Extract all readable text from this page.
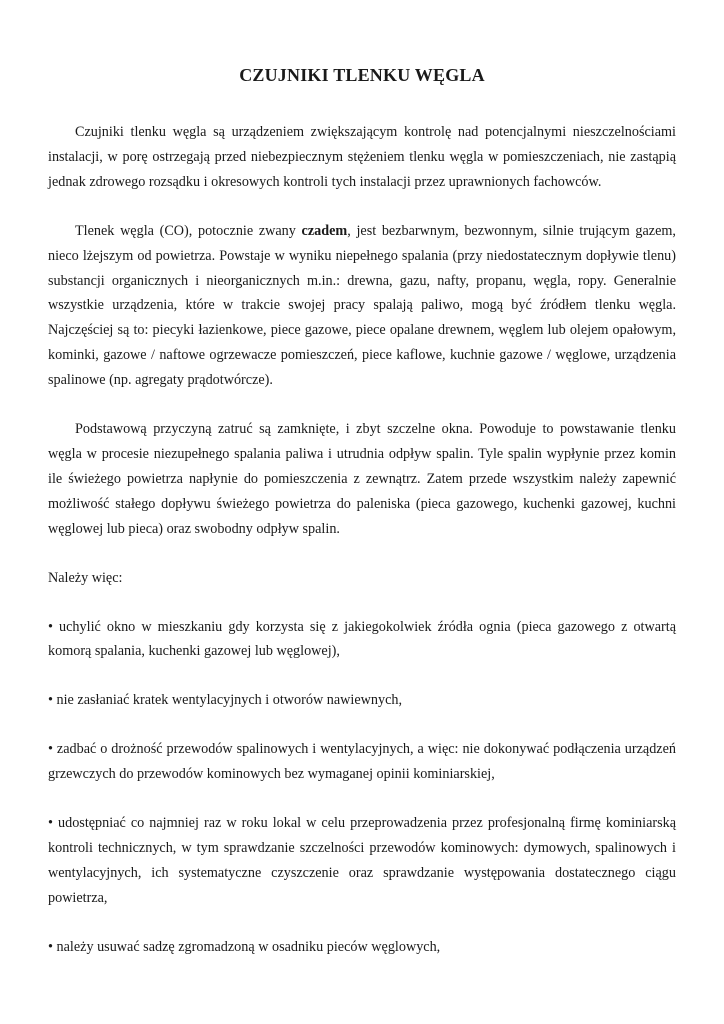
CZUJNIKI TLENKU WĘGLA

Czujniki tlenku węgla są urządzeniem zwiększającym kontrolę nad potencjalnymi nieszczelnościami instalacji, w porę ostrzegają przed niebezpiecznym stężeniem tlenku węgla w pomieszczeniach, nie zastąpią jednak zdrowego rozsądku i okresowych kontroli tych instalacji przez uprawnionych fachowców.

Tlenek węgla (CO), potocznie zwany czadem, jest bezbarwnym, bezwonnym, silnie trującym gazem, nieco lżejszym od powietrza. Powstaje w wyniku niepełnego spalania (przy niedostatecznym dopływie tlenu) substancji organicznych i nieorganicznych m.in.: drewna, gazu, nafty, propanu, węgla, ropy. Generalnie wszystkie urządzenia, które w trakcie swojej pracy spalają paliwo, mogą być źródłem tlenku węgla. Najczęściej są to: piecyki łazienkowe, piece gazowe, piece opalane drewnem, węglem lub olejem opałowym, kominki, gazowe / naftowe ogrzewacze pomieszczeń, piece kaflowe, kuchnie gazowe / węglowe, urządzenia spalinowe (np. agregaty prądotwórcze).

Podstawową przyczyną zatruć są zamknięte, i zbyt szczelne okna. Powoduje to powstawanie tlenku węgla w procesie niezupełnego spalania paliwa i utrudnia odpływ spalin. Tyle spalin wypłynie przez komin ile świeżego powietrza napłynie do pomieszczenia z zewnątrz. Zatem przede wszystkim należy zapewnić możliwość stałego dopływu świeżego powietrza do paleniska (pieca gazowego, kuchenki gazowej, kuchni węglowej lub pieca) oraz swobodny odpływ spalin.

Należy więc:

• uchylić okno w mieszkaniu gdy korzysta się z jakiegokolwiek źródła ognia (pieca gazowego z otwartą komorą spalania, kuchenki gazowej lub węglowej),

• nie zasłaniać kratek wentylacyjnych i otworów nawiewnych,

• zadbać o drożność przewodów spalinowych i wentylacyjnych, a więc: nie dokonywać podłączenia urządzeń grzewczych do przewodów kominowych bez wymaganej opinii kominiarskiej,

• udostępniać co najmniej raz w roku lokal w celu przeprowadzenia przez profesjonalną firmę kominiarską kontroli technicznych, w tym sprawdzanie szczelności przewodów kominowych: dymowych, spalinowych i wentylacyjnych, ich systematyczne czyszczenie oraz sprawdzanie występowania dostatecznego ciągu powietrza,

• należy usuwać sadzę zgromadzoną w osadniku pieców węglowych,
